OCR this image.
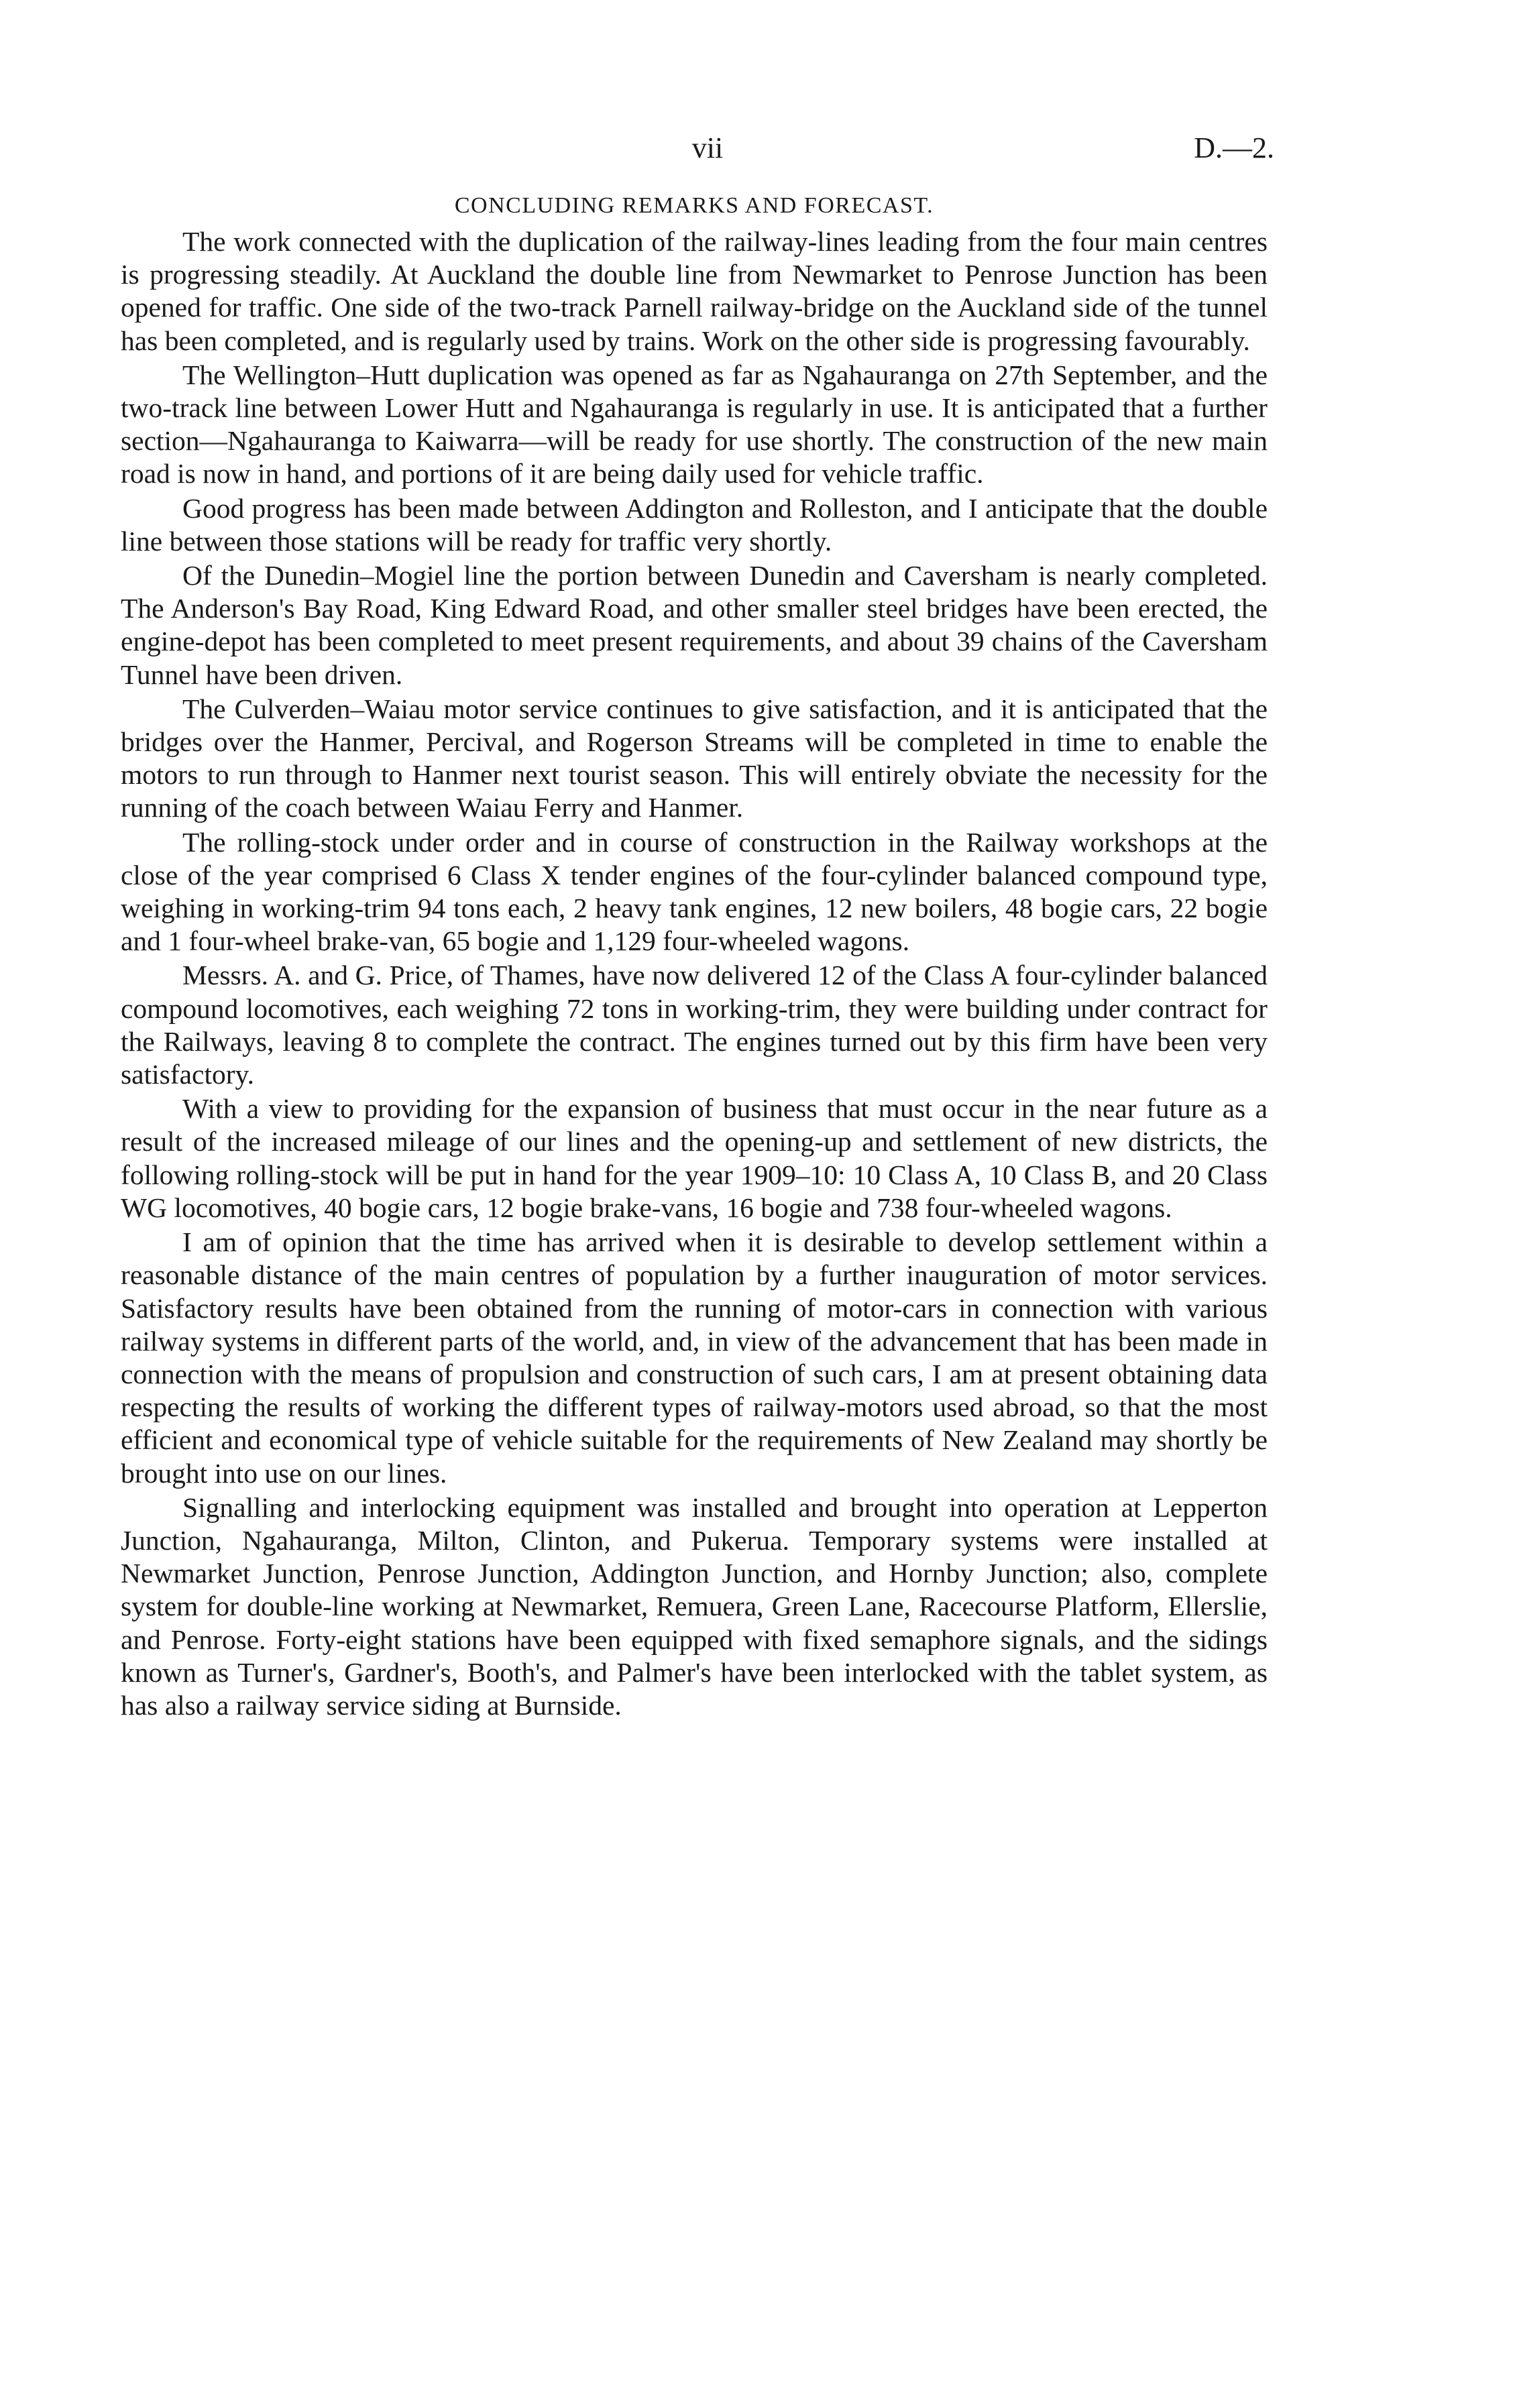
vii	D.—2.
CONCLUDING REMARKS AND FORECAST.

The work connected with the duplication of the railway-lines leading from the four main centres is progressing steadily. At Auckland the double line from Newmarket to Penrose Junction has been opened for traffic. One side of the two-track Parnell railway-bridge on the Auckland side of the tunnel has been completed, and is regularly used by trains. Work on the other side is progressing favourably.

The Wellington–Hutt duplication was opened as far as Ngahauranga on 27th September, and the two-track line between Lower Hutt and Ngahauranga is regularly in use. It is anticipated that a further section—Ngahauranga to Kaiwarra—will be ready for use shortly. The construction of the new main road is now in hand, and portions of it are being daily used for vehicle traffic.

Good progress has been made between Addington and Rolleston, and I anticipate that the double line between those stations will be ready for traffic very shortly.

Of the Dunedin–Mogiel line the portion between Dunedin and Caversham is nearly completed. The Anderson's Bay Road, King Edward Road, and other smaller steel bridges have been erected, the engine-depot has been completed to meet present requirements, and about 39 chains of the Caversham Tunnel have been driven.

The Culverden–Waiau motor service continues to give satisfaction, and it is anticipated that the bridges over the Hanmer, Percival, and Rogerson Streams will be completed in time to enable the motors to run through to Hanmer next tourist season. This will entirely obviate the necessity for the running of the coach between Waiau Ferry and Hanmer.

The rolling-stock under order and in course of construction in the Railway workshops at the close of the year comprised 6 Class X tender engines of the four-cylinder balanced compound type, weighing in working-trim 94 tons each, 2 heavy tank engines, 12 new boilers, 48 bogie cars, 22 bogie and 1 four-wheel brake-van, 65 bogie and 1,129 four-wheeled wagons.

Messrs. A. and G. Price, of Thames, have now delivered 12 of the Class A four-cylinder balanced compound locomotives, each weighing 72 tons in working-trim, they were building under contract for the Railways, leaving 8 to complete the contract. The engines turned out by this firm have been very satisfactory.

With a view to providing for the expansion of business that must occur in the near future as a result of the increased mileage of our lines and the opening-up and settlement of new districts, the following rolling-stock will be put in hand for the year 1909–10: 10 Class A, 10 Class B, and 20 Class WG locomotives, 40 bogie cars, 12 bogie brake-vans, 16 bogie and 738 four-wheeled wagons.

I am of opinion that the time has arrived when it is desirable to develop settlement within a reasonable distance of the main centres of population by a further inauguration of motor services. Satisfactory results have been obtained from the running of motor-cars in connection with various railway systems in different parts of the world, and, in view of the advancement that has been made in connection with the means of propulsion and construction of such cars, I am at present obtaining data respecting the results of working the different types of railway-motors used abroad, so that the most efficient and economical type of vehicle suitable for the requirements of New Zealand may shortly be brought into use on our lines.

Signalling and interlocking equipment was installed and brought into operation at Lepperton Junction, Ngahauranga, Milton, Clinton, and Pukerua. Temporary systems were installed at Newmarket Junction, Penrose Junction, Addington Junction, and Hornby Junction; also, complete system for double-line working at Newmarket, Remuera, Green Lane, Racecourse Platform, Ellerslie, and Penrose. Forty-eight stations have been equipped with fixed semaphore signals, and the sidings known as Turner's, Gardner's, Booth's, and Palmer's have been interlocked with the tablet system, as has also a railway service siding at Burnside.
